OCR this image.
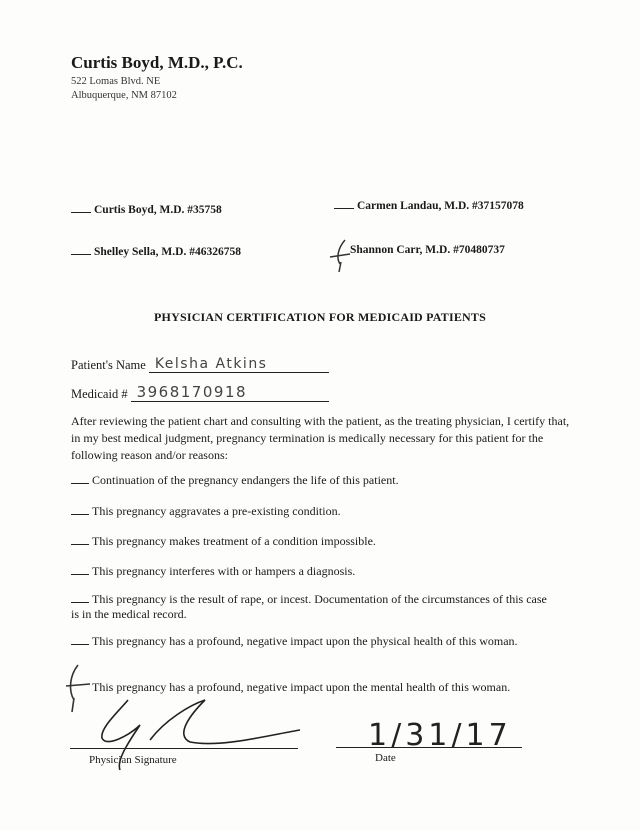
Curtis Boyd, M.D., P.C.
522 Lomas Blvd. NE
Albuquerque, NM 87102
Curtis Boyd, M.D. #35758	Carmen Landau, M.D. #37157078
Shelley Sella, M.D. #46326758	Shannon Carr, M.D. #70480737
PHYSICIAN CERTIFICATION FOR MEDICAID PATIENTS
Patient's Name Kelsha Atkins
Medicaid # 3968170918
After reviewing the patient chart and consulting with the patient, as the treating physician, I certify that, in my best medical judgment, pregnancy termination is medically necessary for this patient for the following reason and/or reasons:
Continuation of the pregnancy endangers the life of this patient.
This pregnancy aggravates a pre-existing condition.
This pregnancy makes treatment of a condition impossible.
This pregnancy interferes with or hampers a diagnosis.
This pregnancy is the result of rape, or incest. Documentation of the circumstances of this case is in the medical record.
This pregnancy has a profound, negative impact upon the physical health of this woman.
This pregnancy has a profound, negative impact upon the mental health of this woman.
Physician Signature	Date
1/31/17
